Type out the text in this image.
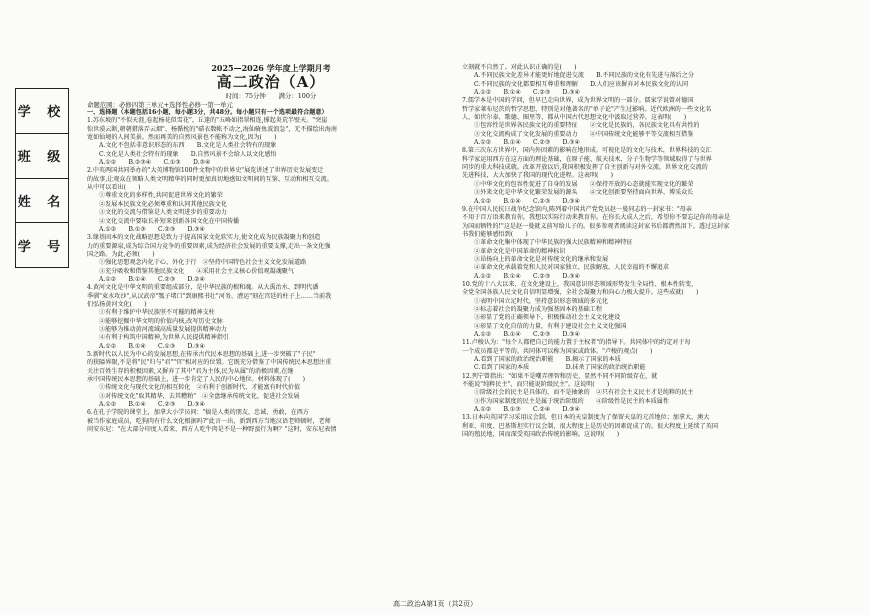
学 校
班 级
姓 名
学 号

2025—2026 学年度上学期月考

高二政治（A）

时间：75分钟　　满分：100分

命题范围：必修四第三单元+选择性必修一第一单元

一、选择题（本题包括16小题，每小题3分，共48分。每小题只有一个选项最符合题意）

1.苏东坡的"不似天涯,卷起杨花似雪花"、丘逢的"五峰如指翠相连,撑起炎荒半壁天。"突崖

惊世漠云断,朝朝猎落弄云烟"、杨循枕的"碛衣数帐不动之,海仙骑鱼波浪急"，无不描绘出海南

宽如仙境的人间美景。然而再美的自然风景也不能称为文化,因为(　　)

A.文化不包括非意识形态的东西　　B.文化是人类社会特有的现象

C.文化是人类社会特有的现象　　D.自然风景不会给人以文化感悟

A.①②　　B.②③④　　C.①③　　D.③④

2.中英两国共同举办的"大英博物馆100件文物中的世界史"展览讲述了世界历史发展变迁

的故事,让观众在领略人类文明精华的同时更加真切地感知文明间的互鉴、互动和相互交流。

从中可以看出(　　)

①尊重文化的多样性,共同促进世界文化的繁荣

②发展本民族文化必须尊重和认同其他民族文化

③文化的交流与借鉴是人类文明进步的重要动力

④文化交流中要取长补短来创新各国文化在中国传播

A.①②　　B.①③　　C.②③　　D.③④

3.缘基固本的文化战略思想是致力于提高国家文化软实力,使文化成为民族凝聚力和创造

力的重要源泉,成为综合国力竞争的重要因素,成为经济社会发展的重要支撑,走出一条文化强

国之路。为此,必须(　　)

①强化思想观念内化于心、外化于行　②坚持中国特色社会主义文化发展道路

③充分吸收和借鉴其他民族文化　　④采用社会主义核心价值观凝魂聚气

A.①②　　B.①④　　C.②③　　D.②④

4.黄河文化是中华文明的重要组成部分，是中华民族的根和魂。从大禹治水、到明代潘

季驯"束水攻沙",从汉武帝"瓠子堵口"到康熙书壮"河务、漕运"刻在宫廷的柱子上……当前我

们弘扬黄河文化(　　)

①有利于维护中华民族坚不可摧的精神支柱

②能够挖掘中华文明的价值内核,改写历史文脉

③能够为推动黄河流域高质量发展提供精神动力

④有利于构筑中国精神,为世界人民提供精神指引

A.①②　　B.①④　　C.①③　　D.③④

5.新时代以人民为中心的发展思想,在传承古代民本思想的基础上,进一步突破了"子民"

的狭隘界限,不是将"民"归与"君""官"相对应的位置。它既充分借鉴了中国传统民本思想注重

关注百姓生存的积极因素,又摒弃了其中"君为主体,民为从属"的消极因素,在继

承中国传统民本思想的基础上，进一步肯定了人民的中心地位。材料体现了(　　)

①传统文化与现代文化的相互转化　②有利于创新时代，才能富有时代价值

③对传统文化"取其精华，去其糟粕"　④全盘继承传统文化，促进社会发展

A.①②　　B.①④　　C.②③　　D.③④

6.在孔子学院的课堂上，加拿大小学员问："搞是人类的朋友，忠诚、勇敢，在西方

被当作家庭成员，吃狗肉有什么文化根据吗?"此言一出，新到西方当地汉语老师顿时，老师

问安东尼："在大部分印度人看来，西方人吃牛肉是不是一种野蛮行为啊？"这时，安东尼表情

立刻就不自然了。对此认识正确的是(　　)

A.不同民族文化差异才能更好地促进交流　　B.不同民族的文化有先进与落后之分

C.不同民族的文化都要相互尊重和理解　　D.人们应该摒弃对本民族文化的认同

A.①②　　B.①④　　C.②③　　D.③④

7.儒学本是中国的学问，但早已走向世界，成为世界文明的一部分。儒家学说曾对德国

哲学家莱布尼茨的哲学思想，特别是对他著名的"单子论"产生过影响。近代欧洲的一些文化名

人，如伏尔泰、歌德、圈里等，都从中国古代思想文化中汲取过营养。这表明(　　)

①包容性是世界各民族文化的重要特征　　②文化是民族的，各民族文化具有共性的

③文化交流构成了文化发展的重要动力　　④中国传统文化能够平等交流相互借鉴

A.①②　　B.①④　　C.②③　　D.③④

8.第三次东方世界中，国内外因素的影响在地形成。可视化是的文化与技术，世界科技的交汇

科学家运用西方在这方面的理论基础，在原子能、航天技术、分子生物学等领域取得了与世界

同步的重大科技成就。改革开放以后,我国积极发挥了自主创新与对外交流。世界文化交流的

先进科技，大大加快了我国的现代化进程。这表明(　　)

①中华文化的包容性促进了自身的发展　　②保持开放的心态就能实现文化的繁荣

③外来文化是中华文化繁荣发展的源头　　④文化创新要坚持面向世界、博采众长

A.①②　　B.①④　　C.②③　　D.③④

9.在中国人民抗日战争纪念馆内,陈列着中国共产党党员赵一曼同志的一封家书："母亲

不用于百万语来教育你，我想以实际行动来教育你。在你长大成人之后，希望你不要忘记你的母亲是

为国而牺牲的!"这是赵一曼就义前写给儿子的。很多参观者阅读这封家书后都潸然泪下。透过这封家

书我们能够感悟到(　　)

①革命文化集中体现了中华民族的强大民族精神和精神特征

②革命文化是中国革命的精神标识

③昂扬向上的革命文化是对传统文化的继承和发展

④革命文化承载着党和人民对国家独立、民族解放、人民幸福的不懈追求

A.①②　　B.①④　　C.②③　　D.③④

10.党的十八大以来，在文化建设上，我国意识形态领域形势发生全局性、根本性转变，

全党全国各族人民文化自信明显增强，全社会凝聚力和向心力极大提升。这些成就(　　)

①表明中国立足时代，坚持意识形态领域的多元化

②标志着社会的凝聚力成为强基固本的基础工程

③彰显了党的正确领导下，积极推动社会主义文化建设

④彰显了文化自信的力量，有利于建设社会主义文化强国

A.①②　　B.①④　　C.②③　　D.③④

11.卢梭认为："每个人都把自己的能力置于主权者"的指导下。共同体中的约定对于每

一个成员都是平等的。共同体可以称为国家或政体。"卢梭的观点(　　)

A.看到了国家的政治统治职能　　B.揭示了国家的本质

C.看到了国家的本质　　　　　　D.抹杀了国家的政治统治职能

12.列宁曾指出："如果不是嘲弄理智和历史，显然不同不同阶级存在，就

不能说"纯粹民主"，而只能说阶级民主"。这说明(　　)

①阶级社会的民主是具体的，而不是抽象的　②只有社会主义民主才是纯粹的民主

③作为国家制度的民主是属于统治阶级的　　④阶级性是民主的本质属性

A.①②　　B.①③　　C.②④　　D.③④

13.日本向英国学习采用议会制，但日本的天皇制度为了保留天皇的元首地位；加拿大、澳大

利亚、印度、巴基斯坦实行议会制，很大程度上是历史的因素促成了的。很大程度上延续了英国

国的殖民地，国而深受英国政治传统的影响。这说明(　　)

高二政治A第1页（共2页）
